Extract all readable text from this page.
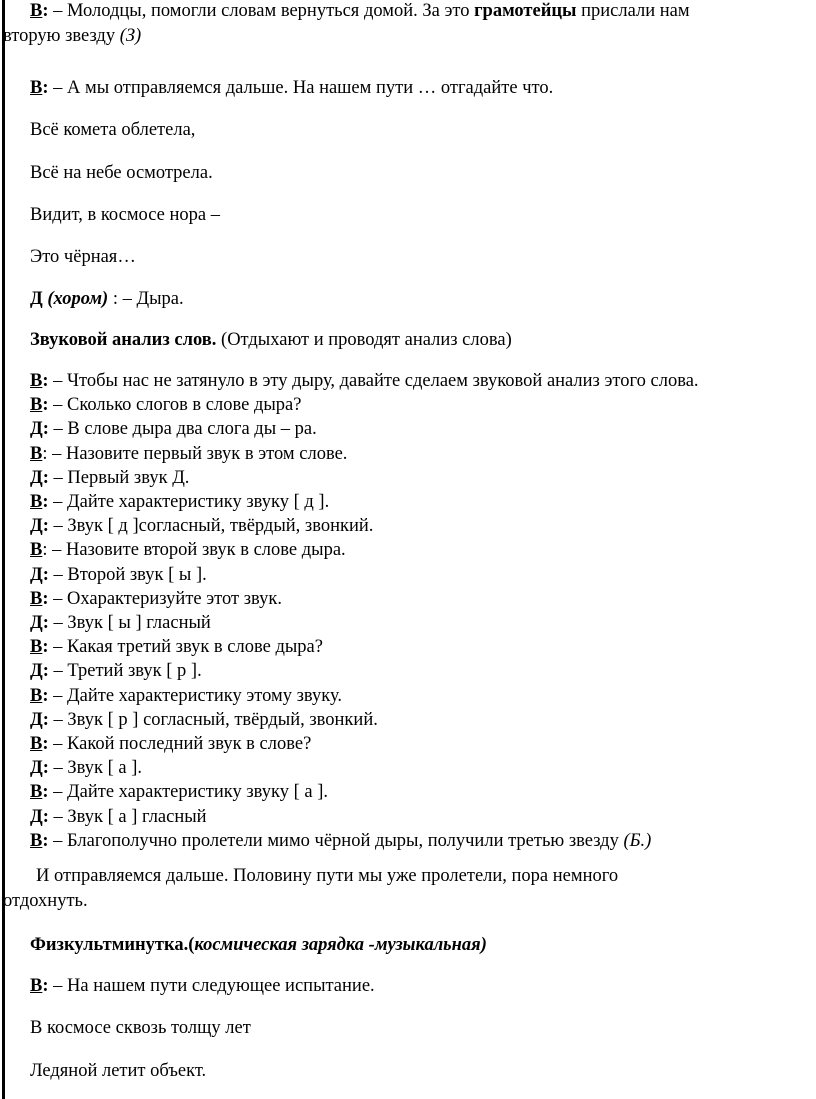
В: – Молодцы, помогли словам вернуться домой. За это грамотейцы прислали нам
вторую звезду (З)
В: – А мы отправляемся дальше. На нашем пути … отгадайте что.
Всё комета облетела,
Всё на небе осмотрела.
Видит, в космосе нора –
Это чёрная…
Д (хором) : – Дыра.
Звуковой анализ слов. (Отдыхают и проводят анализ слова)
В: – Чтобы нас не затянуло в эту дыру, давайте сделаем звуковой анализ этого слова.
В: – Сколько слогов в слове дыра?
Д: – В слове дыра два слога ды – ра.
В: – Назовите первый звук в этом слове.
Д: – Первый звук Д.
В: – Дайте характеристику звуку [ д ].
Д: – Звук [ д ]согласный, твёрдый, звонкий.
В: – Назовите второй звук в слове дыра.
Д: – Второй звук [ ы ].
В: – Охарактеризуйте этот звук.
Д: – Звук [ ы ] гласный
В: – Какая третий звук в слове дыра?
Д: – Третий звук [ р ].
В: – Дайте характеристику этому звуку.
Д: – Звук [ р ] согласный, твёрдый, звонкий.
В: – Какой последний звук в слове?
Д: – Звук [ а ].
В: – Дайте характеристику звуку [ а ].
Д: – Звук [ а ] гласный
В: – Благополучно пролетели мимо чёрной дыры, получили третью звезду (Б.)
И отправляемся дальше. Половину пути мы уже пролетели, пора немного
отдохнуть.
Физкультминутка.(космическая зарядка -музыкальная)
В: – На нашем пути следующее испытание.
В космосе сквозь толщу лет
Ледяной летит объект.
